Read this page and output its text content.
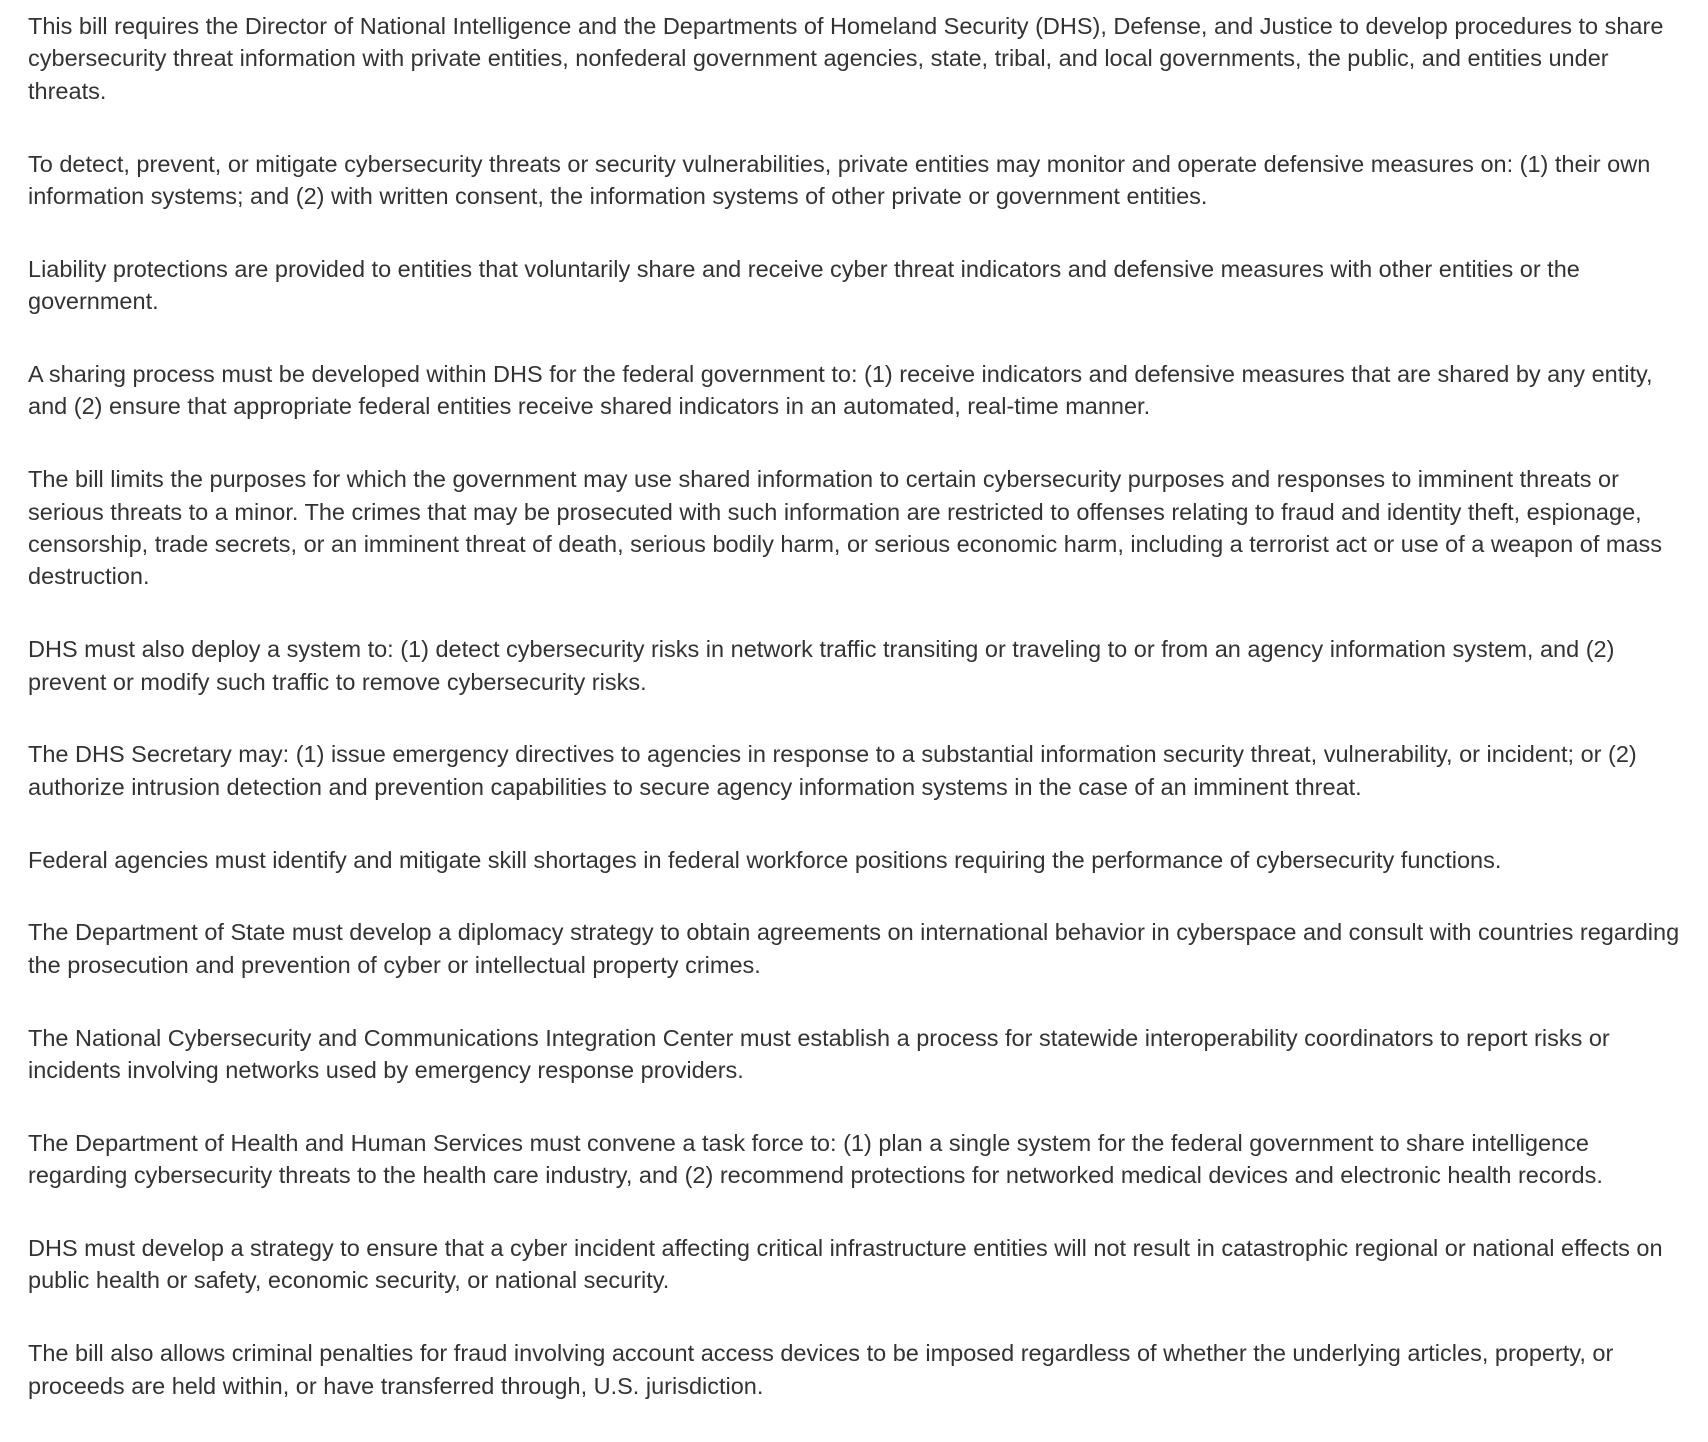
This bill requires the Director of National Intelligence and the Departments of Homeland Security (DHS), Defense, and Justice to develop procedures to share cybersecurity threat information with private entities, nonfederal government agencies, state, tribal, and local governments, the public, and entities under threats.

To detect, prevent, or mitigate cybersecurity threats or security vulnerabilities, private entities may monitor and operate defensive measures on: (1) their own information systems; and (2) with written consent, the information systems of other private or government entities.

Liability protections are provided to entities that voluntarily share and receive cyber threat indicators and defensive measures with other entities or the government.

A sharing process must be developed within DHS for the federal government to: (1) receive indicators and defensive measures that are shared by any entity, and (2) ensure that appropriate federal entities receive shared indicators in an automated, real-time manner.

The bill limits the purposes for which the government may use shared information to certain cybersecurity purposes and responses to imminent threats or serious threats to a minor. The crimes that may be prosecuted with such information are restricted to offenses relating to fraud and identity theft, espionage, censorship, trade secrets, or an imminent threat of death, serious bodily harm, or serious economic harm, including a terrorist act or use of a weapon of mass destruction.

DHS must also deploy a system to: (1) detect cybersecurity risks in network traffic transiting or traveling to or from an agency information system, and (2) prevent or modify such traffic to remove cybersecurity risks.

The DHS Secretary may: (1) issue emergency directives to agencies in response to a substantial information security threat, vulnerability, or incident; or (2) authorize intrusion detection and prevention capabilities to secure agency information systems in the case of an imminent threat.

Federal agencies must identify and mitigate skill shortages in federal workforce positions requiring the performance of cybersecurity functions.

The Department of State must develop a diplomacy strategy to obtain agreements on international behavior in cyberspace and consult with countries regarding the prosecution and prevention of cyber or intellectual property crimes.

The National Cybersecurity and Communications Integration Center must establish a process for statewide interoperability coordinators to report risks or incidents involving networks used by emergency response providers.

The Department of Health and Human Services must convene a task force to: (1) plan a single system for the federal government to share intelligence regarding cybersecurity threats to the health care industry, and (2) recommend protections for networked medical devices and electronic health records.

DHS must develop a strategy to ensure that a cyber incident affecting critical infrastructure entities will not result in catastrophic regional or national effects on public health or safety, economic security, or national security.

The bill also allows criminal penalties for fraud involving account access devices to be imposed regardless of whether the underlying articles, property, or proceeds are held within, or have transferred through, U.S. jurisdiction.
